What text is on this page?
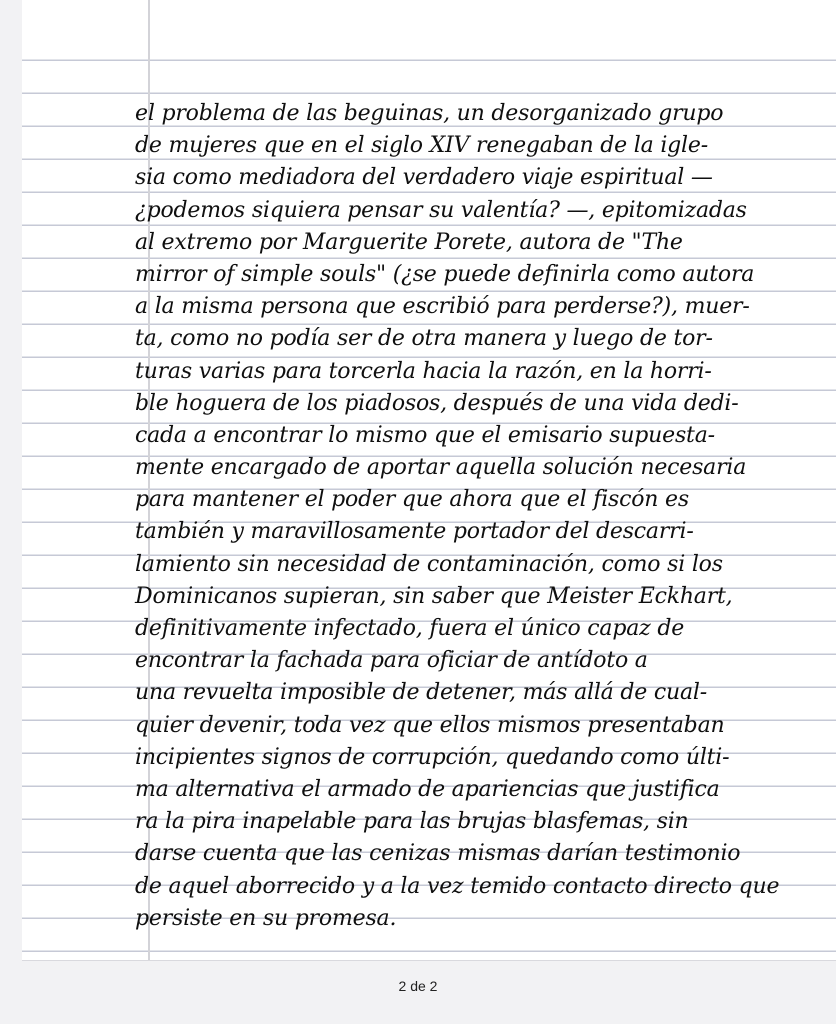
el problema de las beguinas, un desorganizado grupo
de mujeres que en el siglo XIV renegaban de la igle-
sia como mediadora del verdadero viaje espiritual —
¿podemos siquiera pensar su valentía? —, epitomizadas
al extremo por Marguerite Porete, autora de "The
mirror of simple souls" (¿se puede definirla como autora
a la misma persona que escribió para perderse?), muer-
ta, como no podía ser de otra manera y luego de tor-
turas varias para torcerla hacia la razón, en la horri-
ble hoguera de los piadosos, después de una vida dedi-
cada a encontrar lo mismo que el emisario supuesta-
mente encargado de aportar aquella solución necesaria
para mantener el poder que ahora que el fiscón es
también y maravillosamente portador del descarri-
lamiento sin necesidad de contaminación, como si los
Dominicanos supieran, sin saber que Meister Eckhart,
definitivamente infectado, fuera el único capaz de
encontrar la fachada para oficiar de antídoto a
una revuelta imposible de detener, más allá de cual-
quier devenir, toda vez que ellos mismos presentaban
incipientes signos de corrupción, quedando como últi-
ma alternativa el armado de apariencias que justifica
ra la pira inapelable para las brujas blasfemas, sin
darse cuenta que las cenizas mismas darían testimonio
de aquel aborrecido y a la vez temido contacto directo que
persiste en su promesa.
2 de 2
